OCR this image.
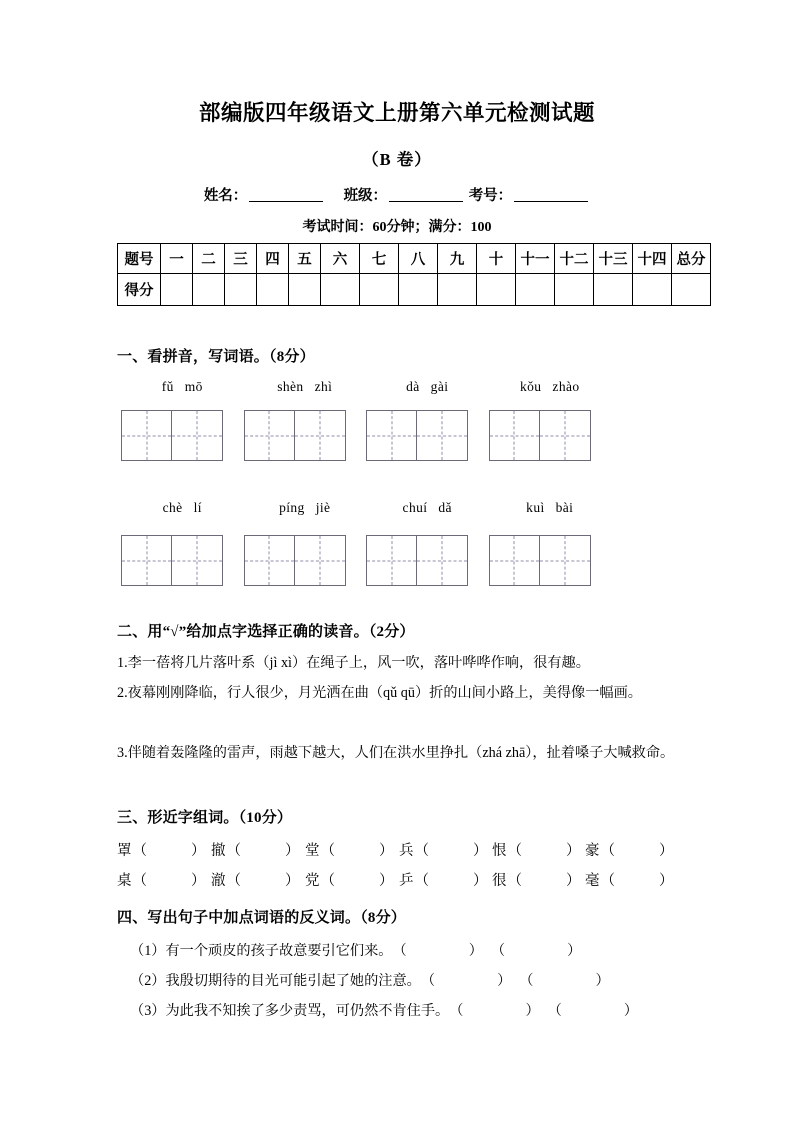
部编版四年级语文上册第六单元检测试题
（B 卷）
姓名：	班级：	考号：
考试时间：60分钟；满分：100
题号	一	二	三	四	五	六	七	八	九	十	十一	十二	十三	十四	总分
得分															
一、看拼音，写词语。（8分）
fǔ mō	shèn zhì	dà gài	kǒu zhào
chè lí	píng jiè	chuí dǎ	kuì bài
二、用“√”给加点字选择正确的读音。（2分）
1.李一蓓将几片落叶系（jì xì）在绳子上，风一吹，落叶哗哗作响，很有趣。
2.夜幕刚刚降临，行人很少，月光洒在曲（qǔ qū）折的山间小路上，美得像一幅画。
3.伴随着轰隆隆的雷声，雨越下越大，人们在洪水里挣扎（zhá zhā），扯着嗓子大喊救命。
三、形近字组词。（10分）
罩 （	） 撤 （	） 堂 （	） 兵 （	） 恨 （	） 豪 （	）
桌 （	） 澈 （	） 党 （	） 乒 （	） 很 （	） 毫 （	）
四、写出句子中加点词语的反义词。（8分）
（1）有一个顽皮的孩子故意要引它们来。（	） （	）
（2）我殷切期待的目光可能引起了她的注意。（	） （	）
（3）为此我不知挨了多少责骂，可仍然不肯住手。（	） （	）
